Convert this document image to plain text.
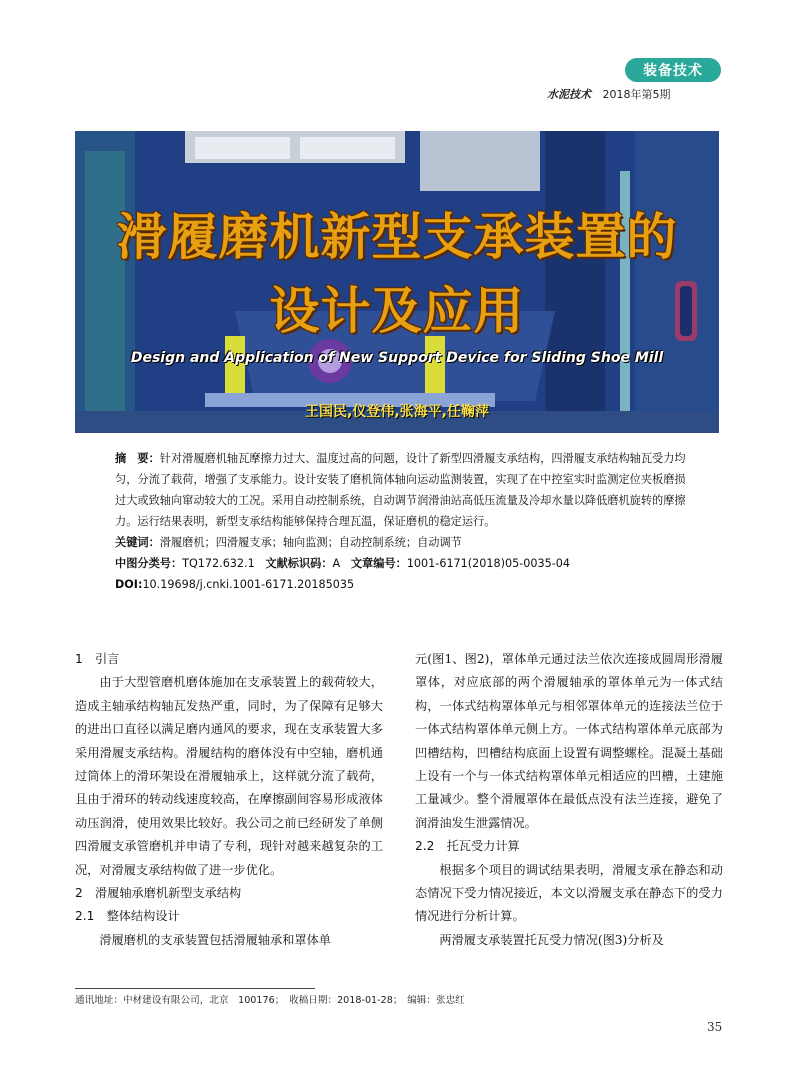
装备技术
水泥技术 2018年第5期
滑履磨机新型支承装置的
设计及应用
Design and Application of New Support Device for Sliding Shoe Mill
王国民,仪登伟,张海平,任鞠萍

摘　要：针对滑履磨机轴瓦摩擦力过大、温度过高的问题，设计了新型四滑履支承结构，四滑履支承结构轴瓦受力均匀，分流了载荷，增强了支承能力。设计安装了磨机筒体轴向运动监测装置，实现了在中控室实时监测定位夹板磨损过大或致轴向窜动较大的工况。采用自动控制系统，自动调节润滑油站高低压流量及冷却水量以降低磨机旋转的摩擦力。运行结果表明，新型支承结构能够保持合理瓦温，保证磨机的稳定运行。

关键词：滑履磨机；四滑履支承；轴向监测；自动控制系统；自动调节

中图分类号：TQ172.632.1 文献标识码：A 文章编号：1001-6171(2018)05-0035-04

DOI:10.19698/j.cnki.1001-6171.20185035

1　引言

由于大型管磨机磨体施加在支承装置上的载荷较大，造成主轴承结构轴瓦发热严重，同时，为了保障有足够大的进出口直径以满足磨内通风的要求，现在支承装置大多采用滑履支承结构。滑履结构的磨体没有中空轴，磨机通过筒体上的滑环架设在滑履轴承上，这样就分流了载荷，且由于滑环的转动线速度较高，在摩擦副间容易形成液体动压润滑，使用效果比较好。我公司之前已经研发了单侧四滑履支承管磨机并申请了专利，现针对越来越复杂的工况，对滑履支承结构做了进一步优化。

2　滑履轴承磨机新型支承结构

2.1　整体结构设计

滑履磨机的支承装置包括滑履轴承和罩体单

元(图1、图2)，罩体单元通过法兰依次连接成圆周形滑履罩体，对应底部的两个滑履轴承的罩体单元为一体式结构，一体式结构罩体单元与相邻罩体单元的连接法兰位于一体式结构罩体单元侧上方。一体式结构罩体单元底部为凹槽结构，凹槽结构底面上设置有调整螺栓。混凝土基础上设有一个与一体式结构罩体单元相适应的凹槽，土建施工量减少。整个滑履罩体在最低点没有法兰连接，避免了润滑油发生泄露情况。

2.2　托瓦受力计算

根据多个项目的调试结果表明，滑履支承在静态和动态情况下受力情况接近，本文以滑履支承在静态下的受力情况进行分析计算。

两滑履支承装置托瓦受力情况(图3)分析及

通讯地址：中材建设有限公司，北京　100176；　收稿日期：2018-01-28；　编辑：张忠红
35
